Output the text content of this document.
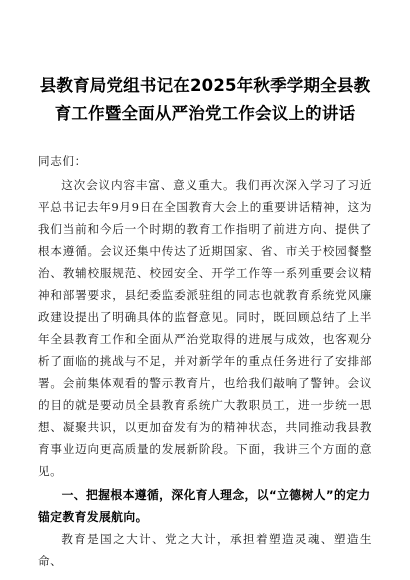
县教育局党组书记在2025年秋季学期全县教
育工作暨全面从严治党工作会议上的讲话

同志们：

这次会议内容丰富、意义重大。我们再次深入学习了习近平总书记去年9月9日在全国教育大会上的重要讲话精神，这为我们当前和今后一个时期的教育工作指明了前进方向、提供了根本遵循。会议还集中传达了近期国家、省、市关于校园餐整治、教辅校服规范、校园安全、开学工作等一系列重要会议精神和部署要求，县纪委监委派驻组的同志也就教育系统党风廉政建设提出了明确具体的监督意见。同时，既回顾总结了上半年全县教育工作和全面从严治党取得的进展与成效，也客观分析了面临的挑战与不足，并对新学年的重点任务进行了安排部署。会前集体观看的警示教育片，也给我们敲响了警钟。会议的目的就是要动员全县教育系统广大教职员工，进一步统一思想、凝聚共识，以更加奋发有为的精神状态，共同推动我县教育事业迈向更高质量的发展新阶段。下面，我讲三个方面的意见。

一、把握根本遵循，深化育人理念，以“立德树人”的定力锚定教育发展航向。

教育是国之大计、党之大计，承担着塑造灵魂、塑造生命、
